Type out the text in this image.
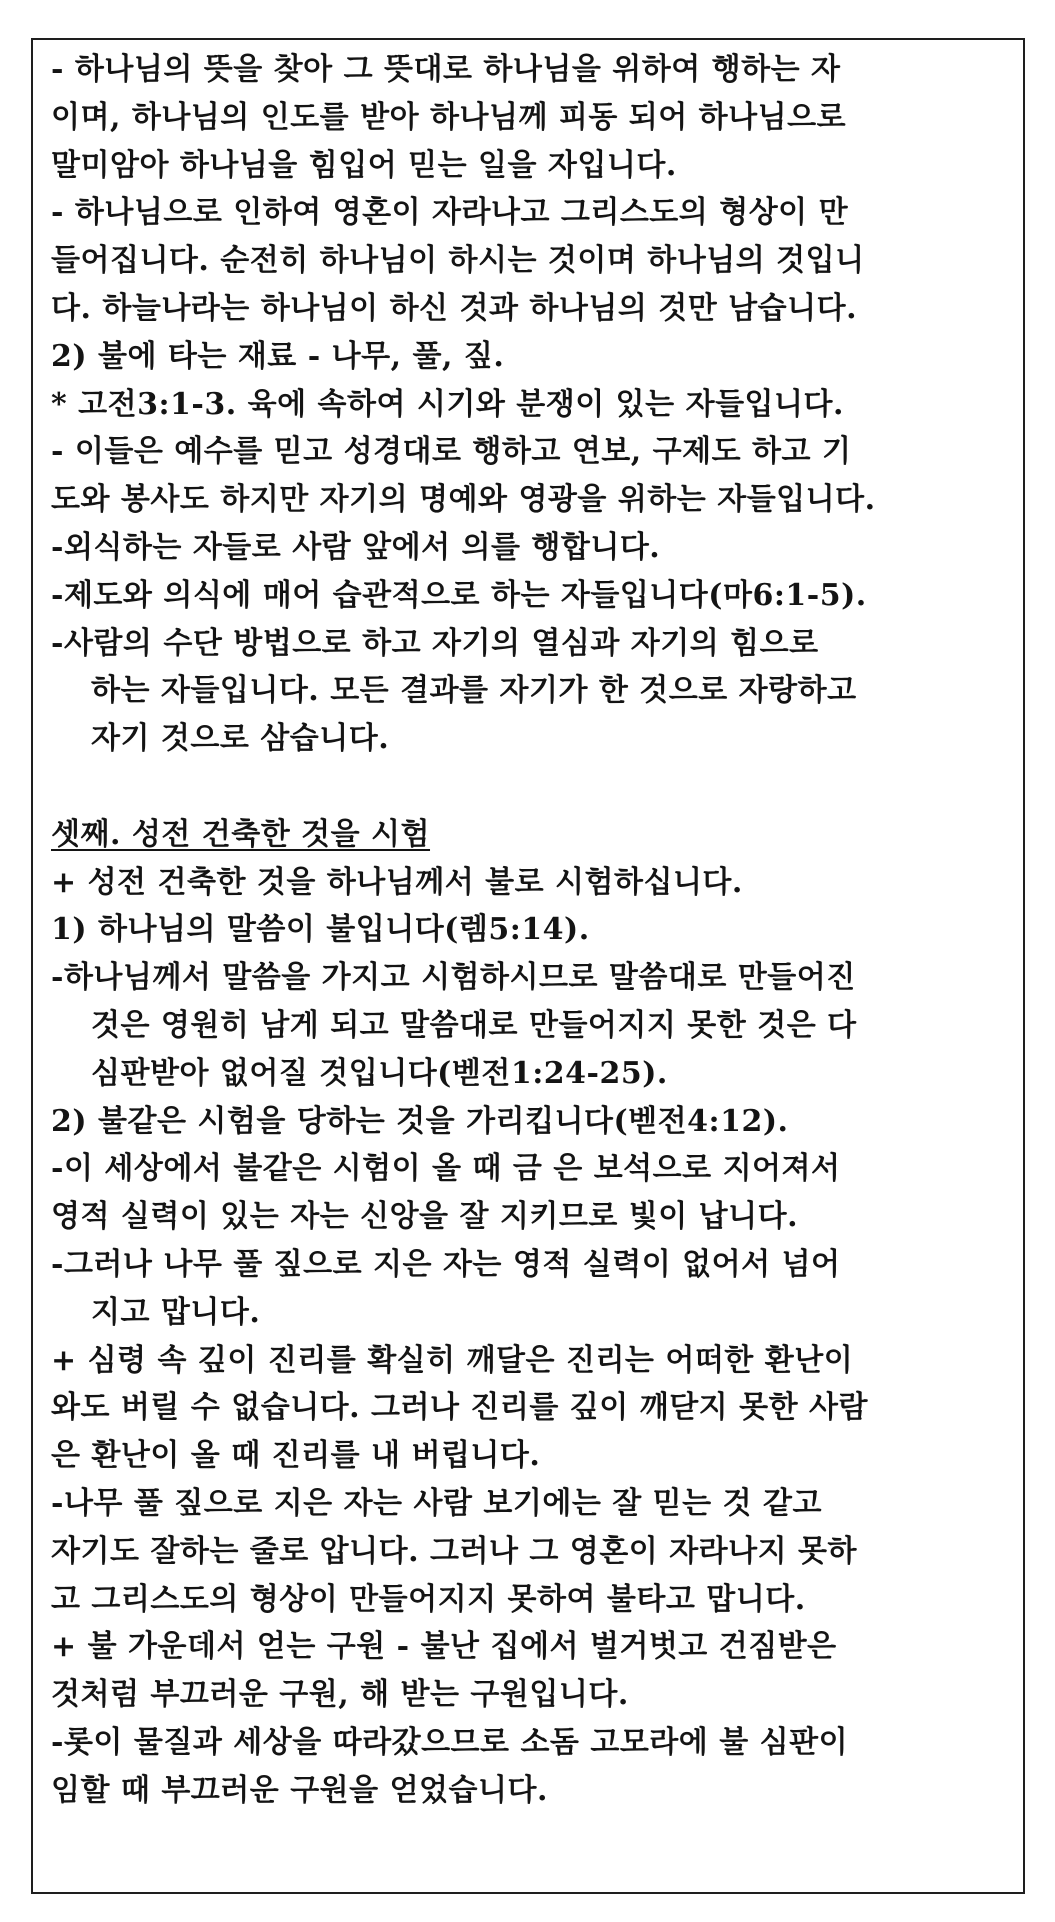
- 하나님의 뜻을 찾아 그 뜻대로 하나님을 위하여 행하는 자
이며, 하나님의 인도를 받아 하나님께 피동 되어 하나님으로
말미암아 하나님을 힘입어 믿는 일을 자입니다.
- 하나님으로 인하여 영혼이 자라나고 그리스도의 형상이 만
들어집니다. 순전히 하나님이 하시는 것이며 하나님의 것입니
다. 하늘나라는 하나님이 하신 것과 하나님의 것만 남습니다.
2) 불에 타는 재료 - 나무, 풀, 짚.
* 고전3:1-3. 육에 속하여 시기와 분쟁이 있는 자들입니다.
- 이들은 예수를 믿고 성경대로 행하고 연보, 구제도 하고 기
도와 봉사도 하지만 자기의 명예와 영광을 위하는 자들입니다.
-외식하는 자들로 사람 앞에서 의를 행합니다.
-제도와 의식에 매어 습관적으로 하는 자들입니다(마6:1-5).
-사람의 수단 방법으로 하고 자기의 열심과 자기의 힘으로
하는 자들입니다. 모든 결과를 자기가 한 것으로 자랑하고
자기 것으로 삼습니다.
셋째. 성전 건축한 것을 시험
+ 성전 건축한 것을 하나님께서 불로 시험하십니다.
1) 하나님의 말씀이 불입니다(렘5:14).
-하나님께서 말씀을 가지고 시험하시므로 말씀대로 만들어진
것은 영원히 남게 되고 말씀대로 만들어지지 못한 것은 다
심판받아 없어질 것입니다(벧전1:24-25).
2) 불같은 시험을 당하는 것을 가리킵니다(벧전4:12).
-이 세상에서 불같은 시험이 올 때 금 은 보석으로 지어져서
영적 실력이 있는 자는 신앙을 잘 지키므로 빛이 납니다.
-그러나 나무 풀 짚으로 지은 자는 영적 실력이 없어서 넘어
지고 맙니다.
+ 심령 속 깊이 진리를 확실히 깨달은 진리는 어떠한 환난이
와도 버릴 수 없습니다. 그러나 진리를 깊이 깨닫지 못한 사람
은 환난이 올 때 진리를 내 버립니다.
-나무 풀 짚으로 지은 자는 사람 보기에는 잘 믿는 것 같고
자기도 잘하는 줄로 압니다. 그러나 그 영혼이 자라나지 못하
고 그리스도의 형상이 만들어지지 못하여 불타고 맙니다.
+ 불 가운데서 얻는 구원 - 불난 집에서 벌거벗고 건짐받은
것처럼 부끄러운 구원, 해 받는 구원입니다.
-롯이 물질과 세상을 따라갔으므로 소돔 고모라에 불 심판이
임할 때 부끄러운 구원을 얻었습니다.
